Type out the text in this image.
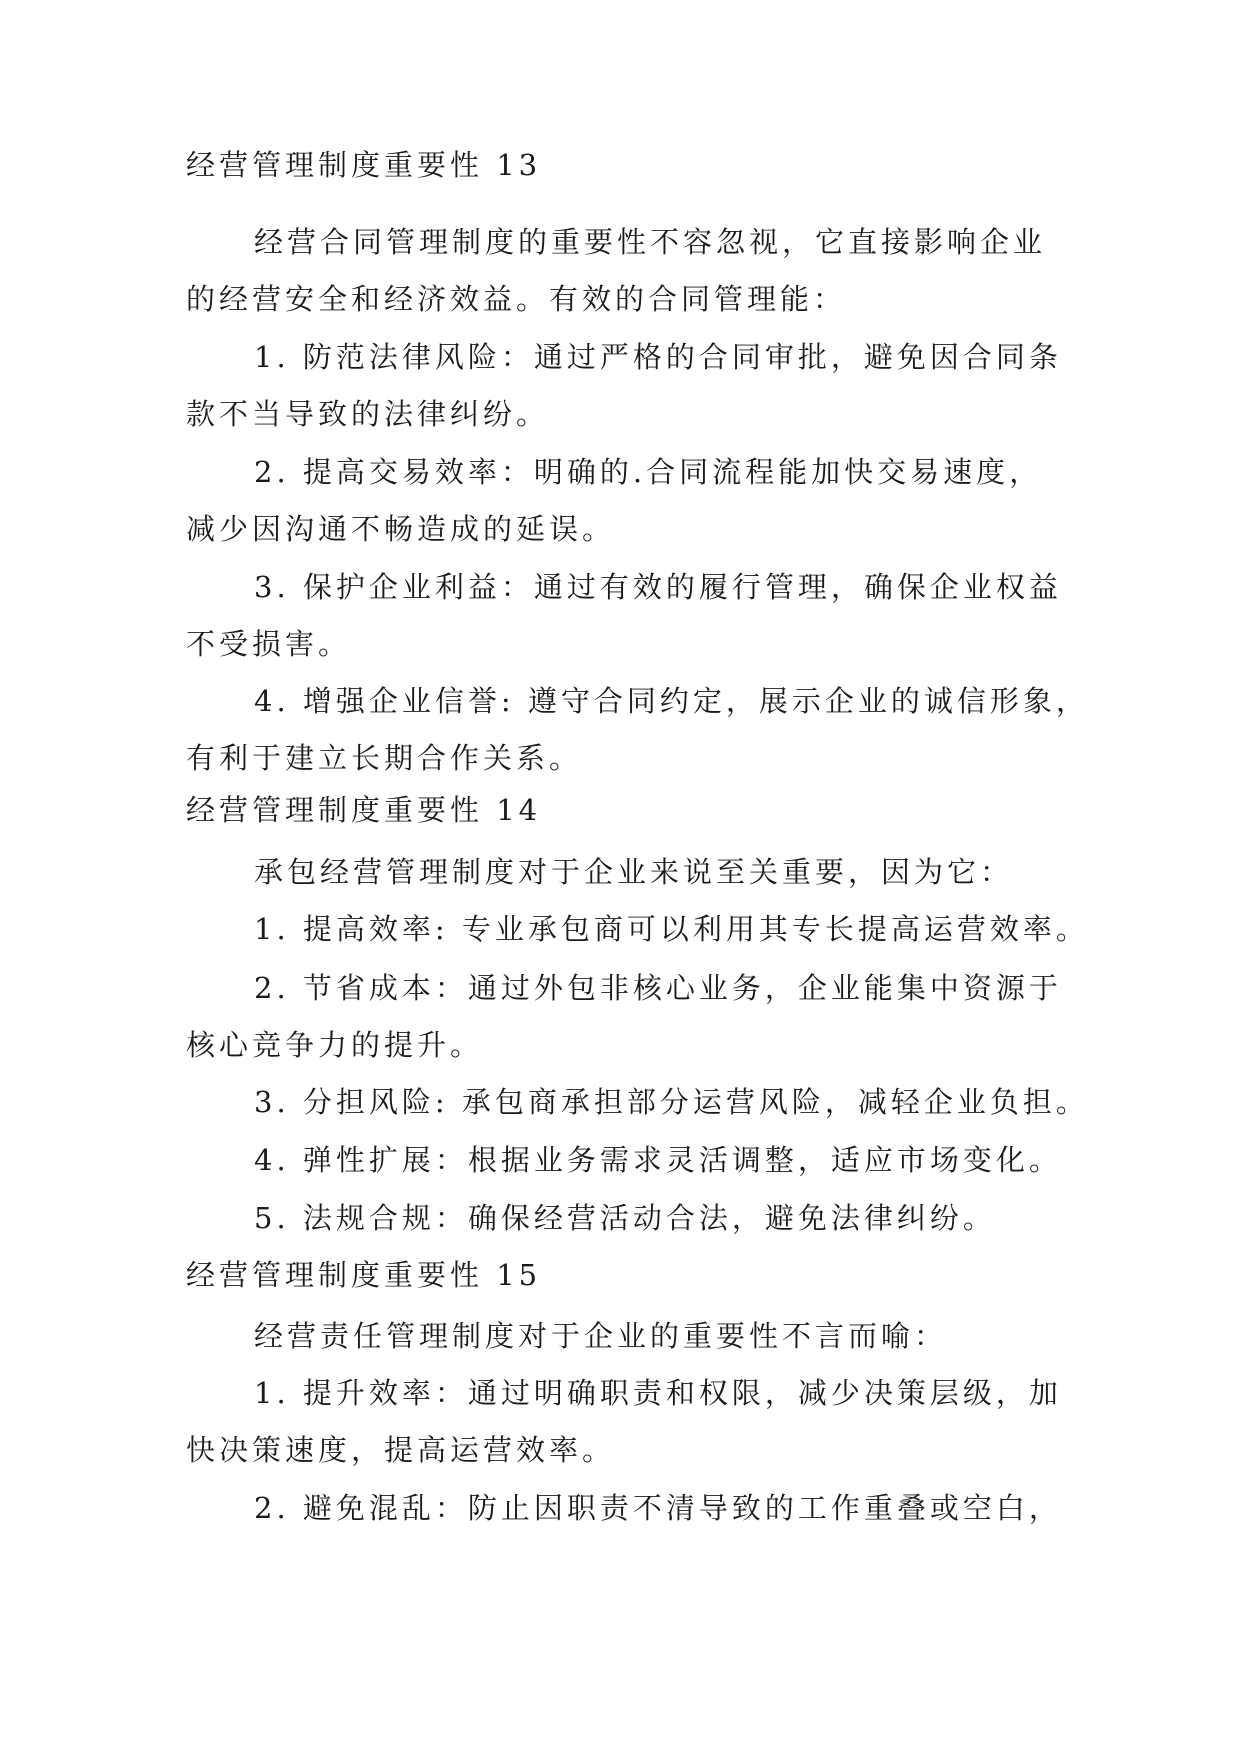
经营管理制度重要性 13
经营合同管理制度的重要性不容忽视，它直接影响企业
的经营安全和经济效益。有效的合同管理能：
1. 防范法律风险：通过严格的合同审批，避免因合同条
款不当导致的法律纠纷。
2. 提高交易效率：明确的.合同流程能加快交易速度，
减少因沟通不畅造成的延误。
3. 保护企业利益：通过有效的履行管理，确保企业权益
不受损害。
4. 增强企业信誉: 遵守合同约定，展示企业的诚信形象，
有利于建立长期合作关系。
经营管理制度重要性 14
承包经营管理制度对于企业来说至关重要，因为它：
1. 提高效率: 专业承包商可以利用其专长提高运营效率。
2. 节省成本：通过外包非核心业务，企业能集中资源于
核心竞争力的提升。
3. 分担风险: 承包商承担部分运营风险，减轻企业负担。
4. 弹性扩展：根据业务需求灵活调整，适应市场变化。
5. 法规合规：确保经营活动合法，避免法律纠纷。
经营管理制度重要性 15
经营责任管理制度对于企业的重要性不言而喻：
1. 提升效率：通过明确职责和权限，减少决策层级，加
快决策速度，提高运营效率。
2. 避免混乱：防止因职责不清导致的工作重叠或空白，
